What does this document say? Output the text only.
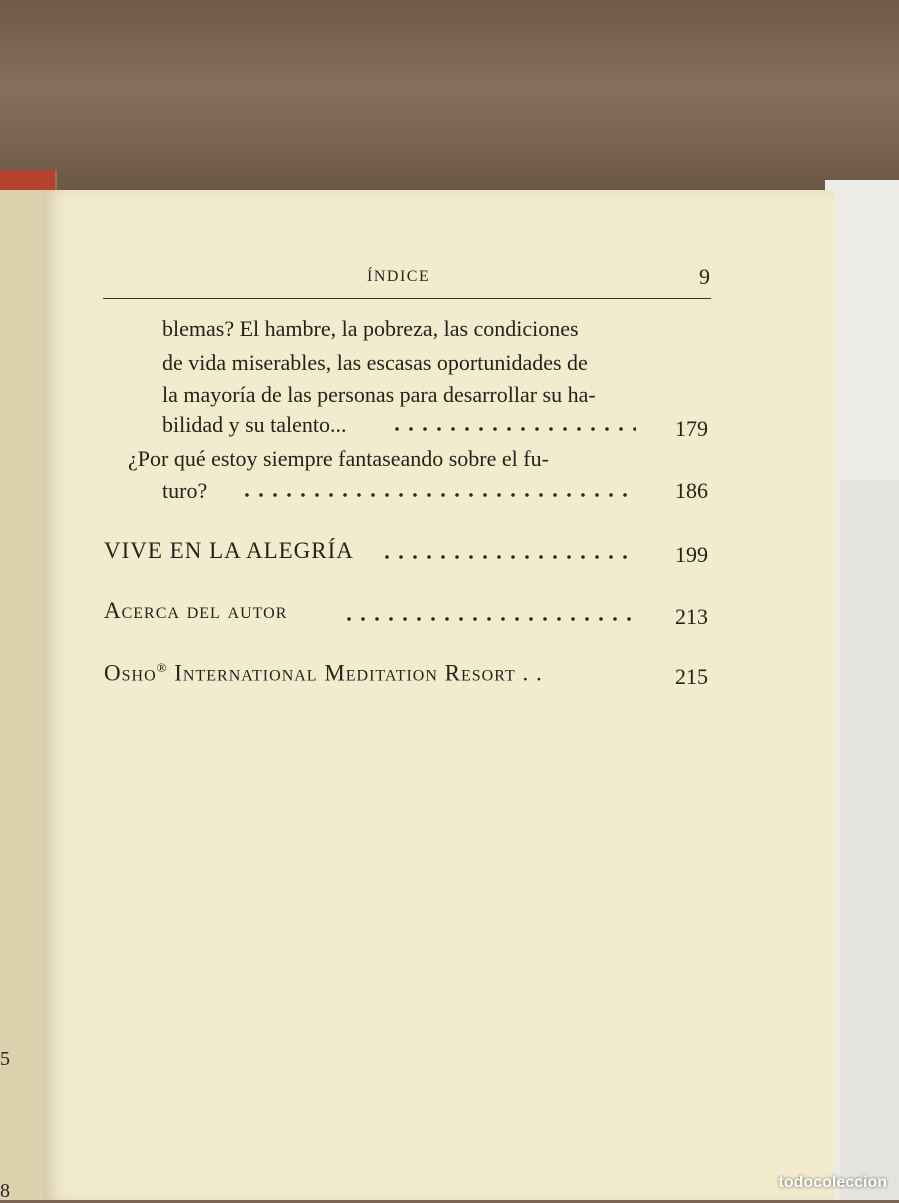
5
8
ÍNDICE	9
blemas? El hambre, la pobreza, las condiciones
de vida miserables, las escasas oportunidades de
la mayoría de las personas para desarrollar su ha-
bilidad y su talento...	179
¿Por qué estoy siempre fantaseando sobre el fu-
turo?	186
VIVE EN LA ALEGRÍA	199
Acerca del autor	213
Osho® International Meditation Resort . .	215
todocoleccion
